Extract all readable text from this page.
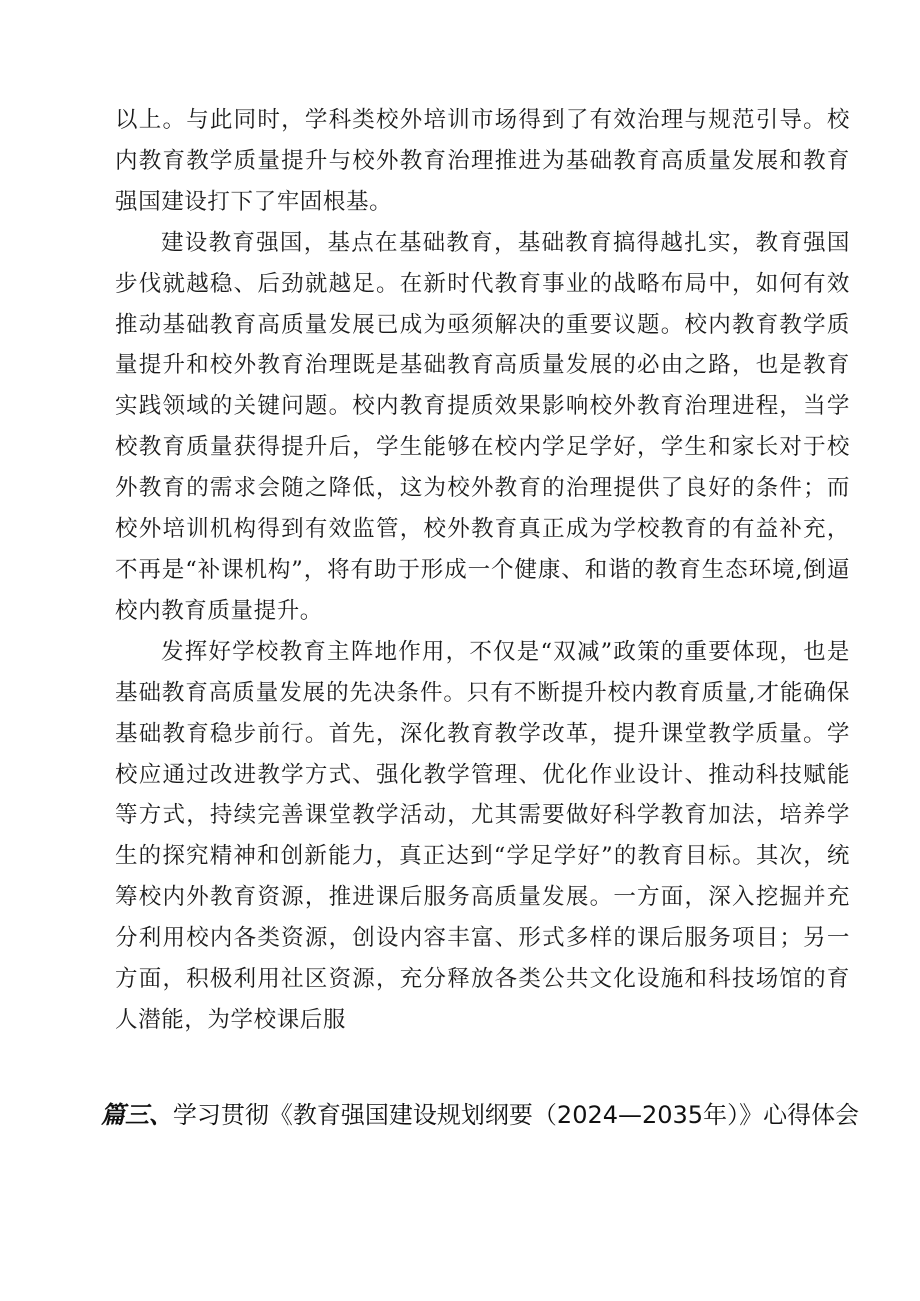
以上。与此同时，学科类校外培训市场得到了有效治理与规范引导。校内教育教学质量提升与校外教育治理推进为基础教育高质量发展和教育强国建设打下了牢固根基。

建设教育强国，基点在基础教育，基础教育搞得越扎实，教育强国步伐就越稳、后劲就越足。在新时代教育事业的战略布局中，如何有效推动基础教育高质量发展已成为亟须解决的重要议题。校内教育教学质量提升和校外教育治理既是基础教育高质量发展的必由之路，也是教育实践领域的关键问题。校内教育提质效果影响校外教育治理进程，当学校教育质量获得提升后，学生能够在校内学足学好，学生和家长对于校外教育的需求会随之降低，这为校外教育的治理提供了良好的条件；而校外培训机构得到有效监管，校外教育真正成为学校教育的有益补充，不再是“补课机构”，将有助于形成一个健康、和谐的教育生态环境,倒逼校内教育质量提升。

发挥好学校教育主阵地作用，不仅是“双减”政策的重要体现，也是基础教育高质量发展的先决条件。只有不断提升校内教育质量,才能确保基础教育稳步前行。首先，深化教育教学改革，提升课堂教学质量。学校应通过改进教学方式、强化教学管理、优化作业设计、推动科技赋能等方式，持续完善课堂教学活动，尤其需要做好科学教育加法，培养学生的探究精神和创新能力，真正达到“学足学好”的教育目标。其次，统筹校内外教育资源，推进课后服务高质量发展。一方面，深入挖掘并充分利用校内各类资源，创设内容丰富、形式多样的课后服务项目；另一方面，积极利用社区资源，充分释放各类公共文化设施和科技场馆的育人潜能，为学校课后服

篇三、学习贯彻《教育强国建设规划纲要（2024—2035年）》心得体会
